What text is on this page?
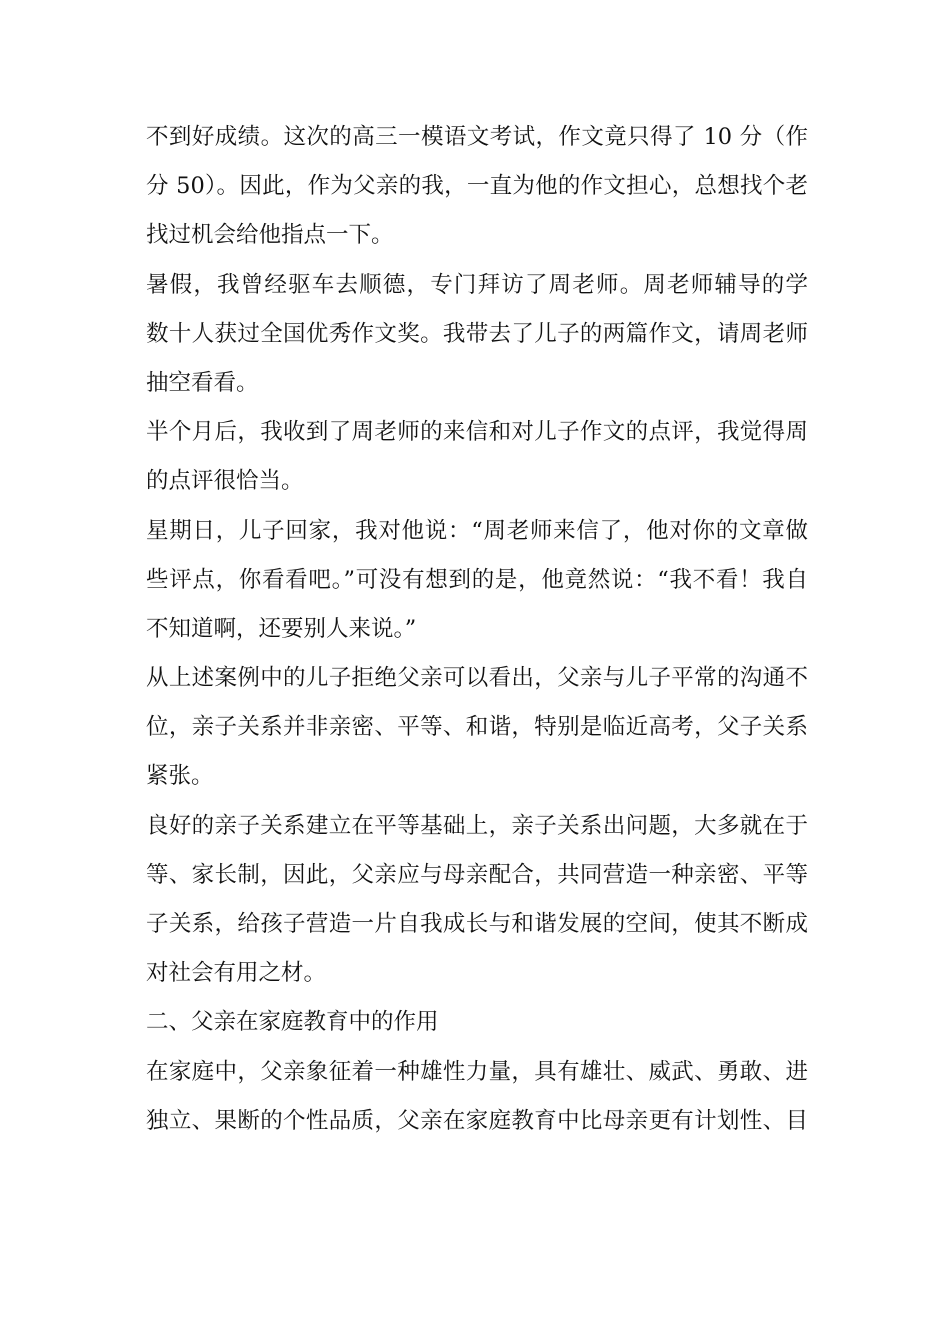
不到好成绩。这次的高三一模语文考试，作文竟只得了 10 分（作
分 50）。因此，作为父亲的我，一直为他的作文担心，总想找个老
找过机会给他指点一下。
暑假，我曾经驱车去顺德，专门拜访了周老师。周老师辅导的学
数十人获过全国优秀作文奖。我带去了儿子的两篇作文，请周老师
抽空看看。
半个月后，我收到了周老师的来信和对儿子作文的点评，我觉得周
的点评很恰当。
星期日，儿子回家，我对他说：“周老师来信了，他对你的文章做
些评点，你看看吧。”可没有想到的是，他竟然说：“我不看！我自
不知道啊，还要别人来说。”
从上述案例中的儿子拒绝父亲可以看出，父亲与儿子平常的沟通不
位，亲子关系并非亲密、平等、和谐，特别是临近高考，父子关系
紧张。
良好的亲子关系建立在平等基础上，亲子关系出问题，大多就在于
等、家长制，因此，父亲应与母亲配合，共同营造一种亲密、平等
子关系，给孩子营造一片自我成长与和谐发展的空间，使其不断成
对社会有用之材。
二、父亲在家庭教育中的作用
在家庭中，父亲象征着一种雄性力量，具有雄壮、威武、勇敢、进
独立、果断的个性品质，父亲在家庭教育中比母亲更有计划性、目
